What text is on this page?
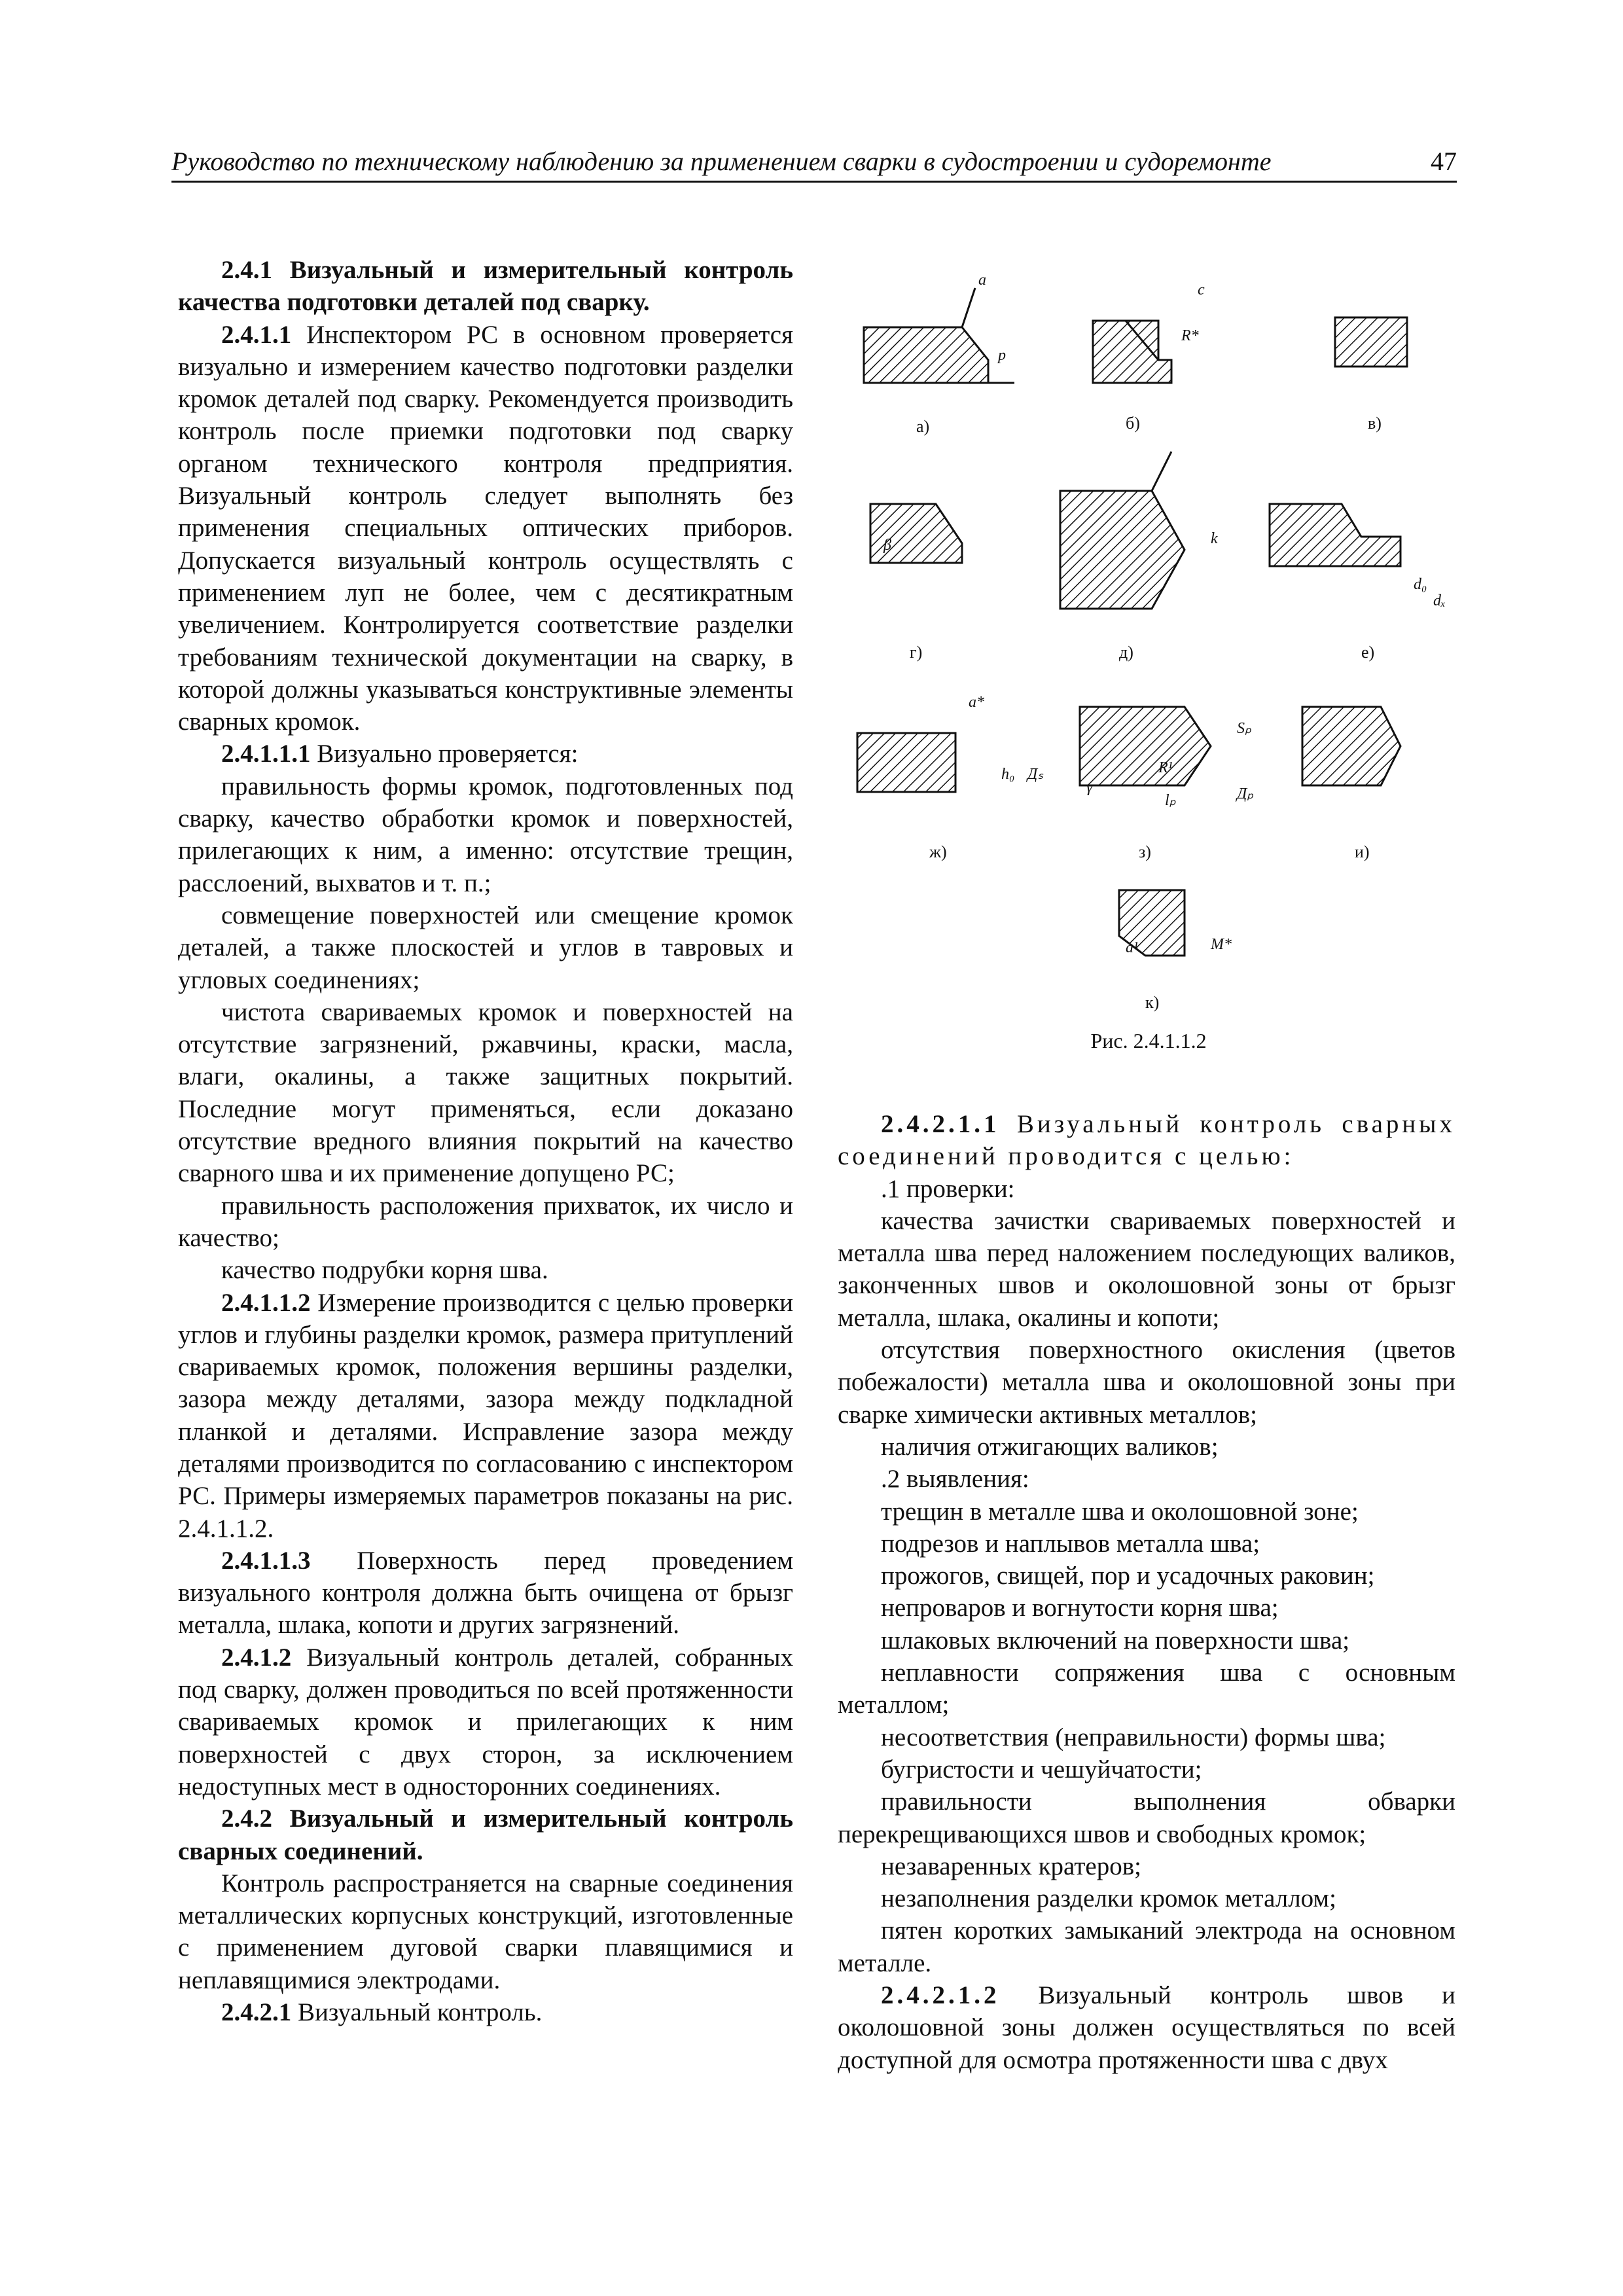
Руководство по техническому наблюдению за применением сварки в судостроении и судоремонте	47

2.4.1 Визуальный и измерительный контроль качества подготовки деталей под сварку.

2.4.1.1 Инспектором РС в основном проверяется визуально и измерением качество подготовки разделки кромок деталей под сварку. Рекомендуется производить контроль после приемки подготовки под сварку органом технического контроля предприятия. Визуальный контроль следует выполнять без применения специальных оптических приборов. Допускается визуальный контроль осуществлять с применением луп не более, чем с десятикратным увеличением. Контролируется соответствие разделки требованиям технической документации на сварку, в которой должны указываться конструктивные элементы сварных кромок.

2.4.1.1.1 Визуально проверяется:

правильность формы кромок, подготовленных под сварку, качество обработки кромок и поверхностей, прилегающих к ним, а именно: отсутствие трещин, расслоений, выхватов и т. п.;

совмещение поверхностей или смещение кромок деталей, а также плоскостей и углов в тавровых и угловых соединениях;

чистота свариваемых кромок и поверхностей на отсутствие загрязнений, ржавчины, краски, масла, влаги, окалины, а также защитных покрытий. Последние могут применяться, если доказано отсутствие вредного влияния покрытий на качество сварного шва и их применение допущено РС;

правильность расположения прихваток, их число и качество;

качество подрубки корня шва.

2.4.1.1.2 Измерение производится с целью проверки углов и глубины разделки кромок, размера притуплений свариваемых кромок, положения вершины разделки, зазора между деталями, зазора между подкладной планкой и деталями. Исправление зазора между деталями производится по согласованию с инспектором РС. Примеры измеряемых параметров показаны на рис. 2.4.1.1.2.

2.4.1.1.3 Поверхность перед проведением визуального контроля должна быть очищена от брызг металла, шлака, копоти и других загрязнений.

2.4.1.2 Визуальный контроль деталей, собранных под сварку, должен проводиться по всей протяженности свариваемых кромок и прилегающих к ним поверхностей с двух сторон, за исключением недоступных мест в односторонних соединениях.

2.4.2 Визуальный и измерительный контроль сварных соединений.

Контроль распространяется на сварные соединения металлических корпусных конструкций, изготовленные с применением дуговой сварки плавящимися и неплавящимися электродами.

2.4.2.1 Визуальный контроль.

а)	б)	в)
г)	д)	е)
ж)	з)	и)
к)
a
c
p
R*
β	k
d₀
dₓ
a*
h₀ Дₛ
γ
R¹
lₚ	Дₚ
Sₚ
a¹	M*
Рис. 2.4.1.1.2

2.4.2.1.1 Визуальный контроль сварных соединений проводится с целью:

.1 проверки:

качества зачистки свариваемых поверхностей и металла шва перед наложением последующих валиков, законченных швов и околошовной зоны от брызг металла, шлака, окалины и копоти;

отсутствия поверхностного окисления (цветов побежалости) металла шва и околошовной зоны при сварке химически активных металлов;

наличия отжигающих валиков;

.2 выявления:

трещин в металле шва и околошовной зоне;

подрезов и наплывов металла шва;

прожогов, свищей, пор и усадочных раковин;

непроваров и вогнутости корня шва;

шлаковых включений на поверхности шва;

неплавности сопряжения шва с основным металлом;

несоответствия (неправильности) формы шва;

бугристости и чешуйчатости;

правильности выполнения обварки перекрещивающихся швов и свободных кромок;

незаваренных кратеров;

незаполнения разделки кромок металлом;

пятен коротких замыканий электрода на основном металле.

2.4.2.1.2 Визуальный контроль швов и околошовной зоны должен осуществляться по всей доступной для осмотра протяженности шва с двух
